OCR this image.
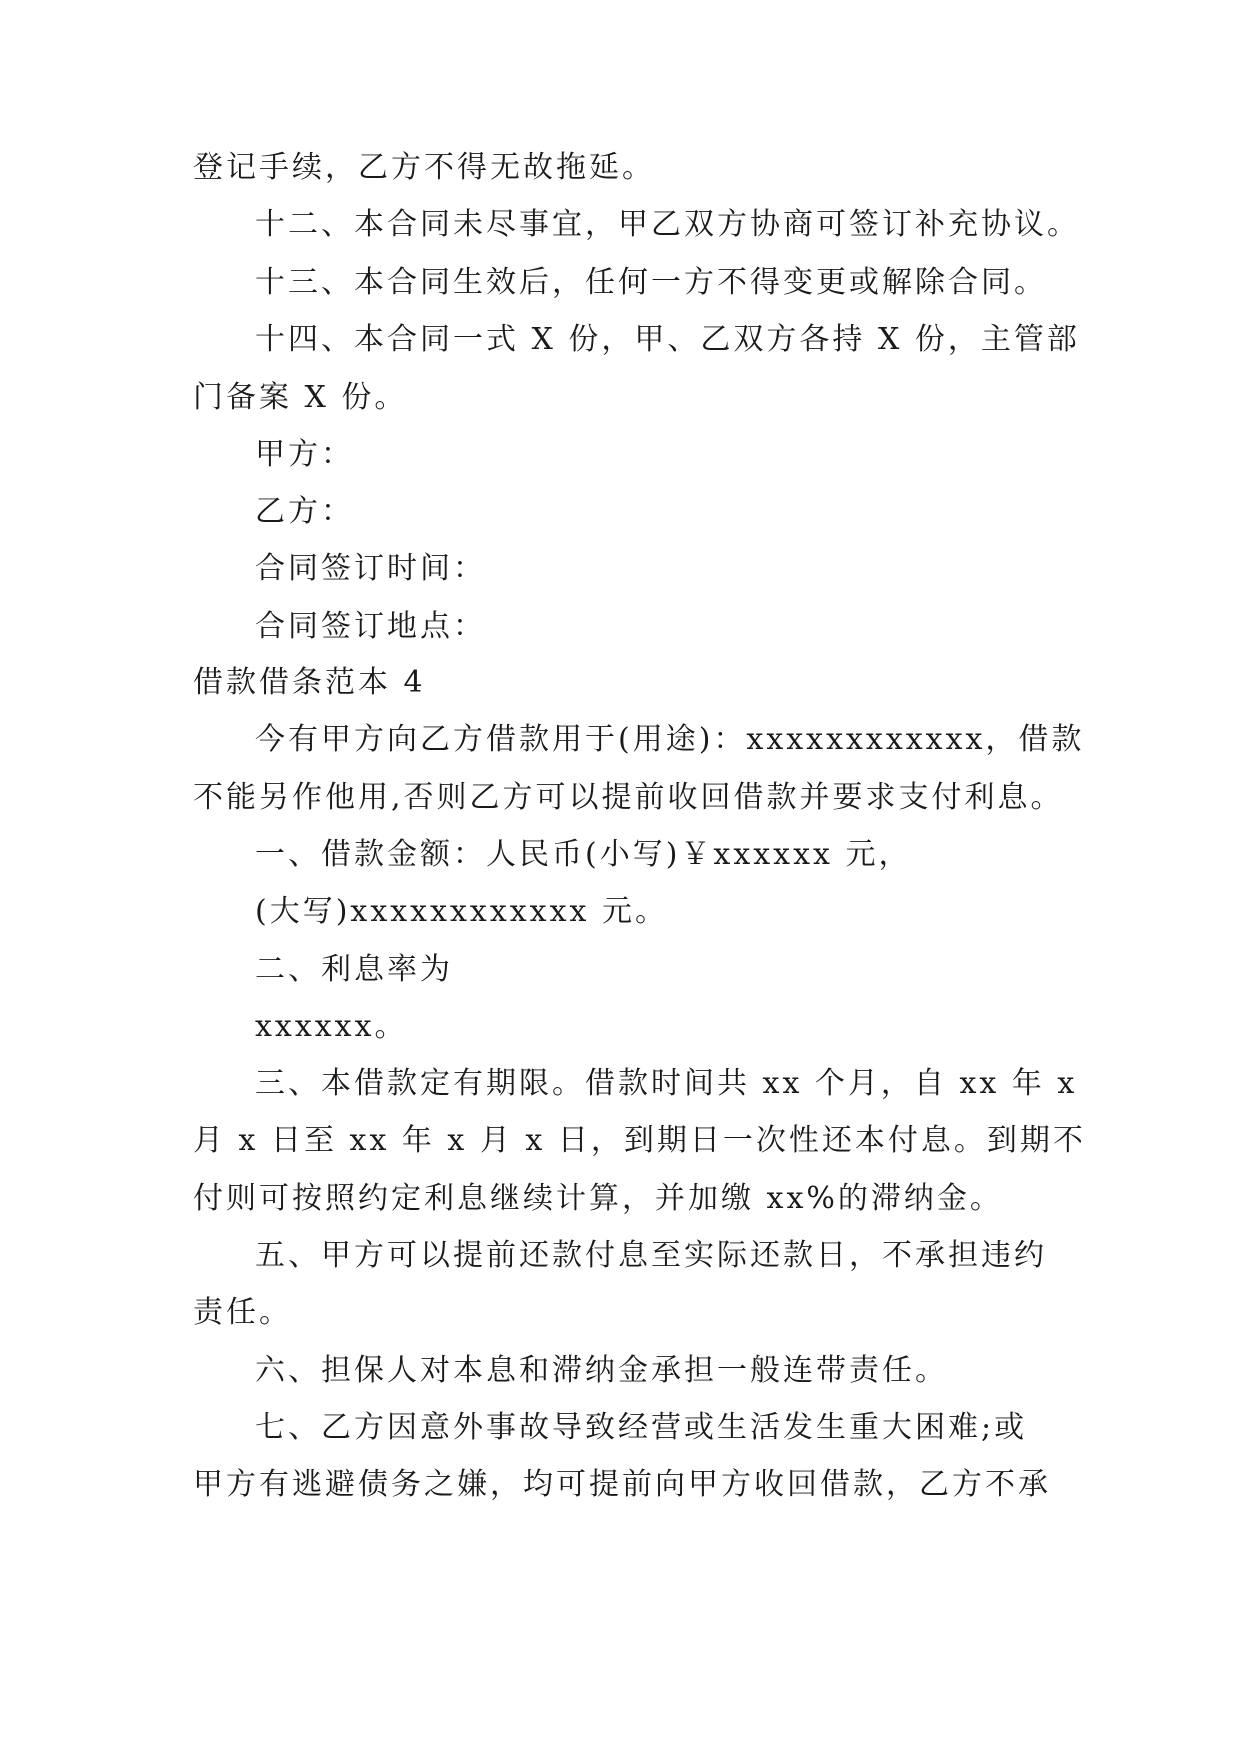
登记手续，乙方不得无故拖延。
十二、本合同未尽事宜，甲乙双方协商可签订补充协议。
十三、本合同生效后，任何一方不得变更或解除合同。
十四、本合同一式 X 份，甲、乙双方各持 X 份，主管部
门备案 X 份。
甲方：
乙方：
合同签订时间：
合同签订地点：
借款借条范本 4
今有甲方向乙方借款用于(用途)：xxxxxxxxxxxx，借款
不能另作他用,否则乙方可以提前收回借款并要求支付利息。
一、借款金额：人民币(小写)￥xxxxxx 元，
(大写)xxxxxxxxxxxx 元。
二、利息率为
xxxxxx。
三、本借款定有期限。借款时间共 xx 个月，自 xx 年 x
月 x 日至 xx 年 x 月 x 日，到期日一次性还本付息。到期不
付则可按照约定利息继续计算，并加缴 xx%的滞纳金。
五、甲方可以提前还款付息至实际还款日，不承担违约
责任。
六、担保人对本息和滞纳金承担一般连带责任。
七、乙方因意外事故导致经营或生活发生重大困难;或
甲方有逃避债务之嫌，均可提前向甲方收回借款，乙方不承
